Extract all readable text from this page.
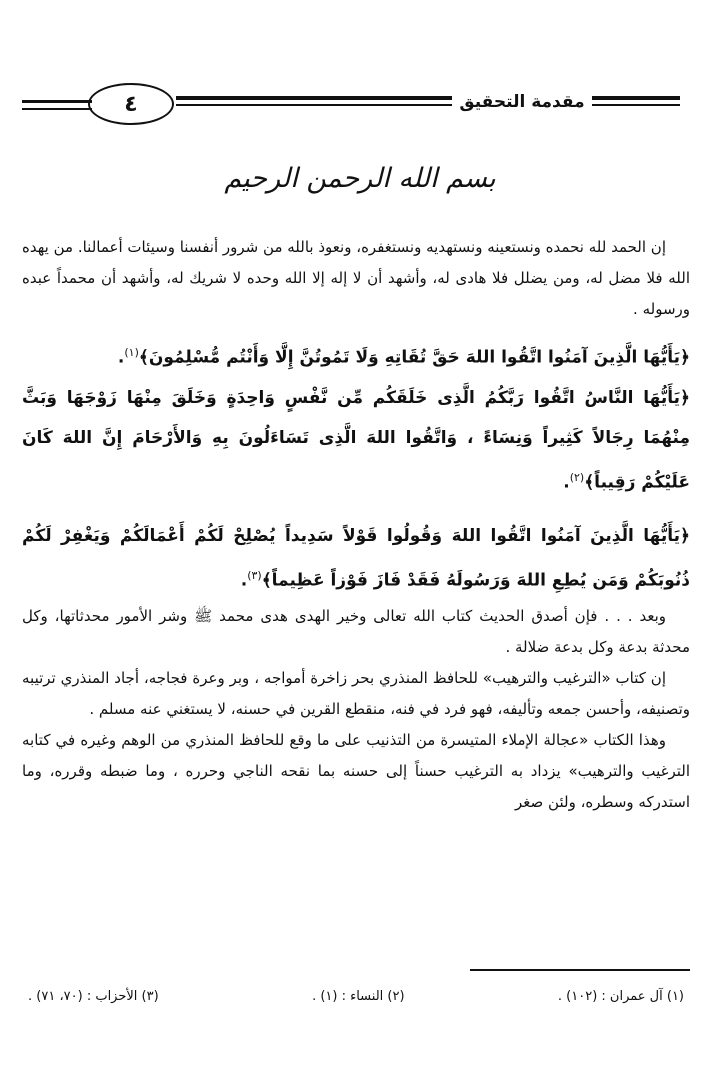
٤	مقدمة التحقيق
بسم الله الرحمن الرحيم

إن الحمد لله نحمده ونستعينه ونستهديه ونستغفره، ونعوذ بالله من شرور أنفسنا وسيئات أعمالنا. من يهده الله فلا مضل له، ومن يضلل فلا هادى له، وأشهد أن لا إله إلا الله وحده لا شريك له، وأشهد أن محمداً عبده ورسوله .

﴿يَأَيُّهَا الَّذِينَ آمَنُوا اتَّقُوا اللهَ حَقَّ تُقَاتِهِ وَلَا تَمُوتُنَّ إِلَّا وَأَنْتُم مُّسْلِمُونَ﴾$^{(١)}$.

﴿يَأَيُّهَا النَّاسُ اتَّقُوا رَبَّكُمُ الَّذِى خَلَقَكُم مِّن نَّفْسٍ وَاحِدَةٍ وَخَلَقَ مِنْهَا زَوْجَهَا وَبَثَّ مِنْهُمَا رِجَالاً كَثِيراً وَنِسَاءً ، وَاتَّقُوا اللهَ الَّذِى تَسَاءَلُونَ بِهِ وَالأَرْحَامَ إِنَّ اللهَ كَانَ عَلَيْكُمْ رَقِيباً﴾$^{(٢)}$.

﴿يَأَيُّهَا الَّذِينَ آمَنُوا اتَّقُوا اللهَ وَقُولُوا قَوْلاً سَدِيداً يُصْلِحْ لَكُمْ أَعْمَالَكُمْ وَيَغْفِرْ لَكُمْ ذُنُوبَكُمْ وَمَن يُطِعِ اللهَ وَرَسُولَهُ فَقَدْ فَازَ فَوْزاً عَظِيماً﴾$^{(٣)}$.

وبعد . . . فإن أصدق الحديث كتاب الله تعالى وخير الهدى هدى محمد ﷺ وشر الأمور محدثاتها، وكل محدثة بدعة وكل بدعة ضلالة .

إن كتاب «الترغيب والترهيب» للحافظ المنذري بحر زاخرة أمواجه ، وبر وعرة فجاجه، أجاد المنذري ترتيبه وتصنيفه، وأحسن جمعه وتأليفه، فهو فرد في فنه، منقطع القرين في حسنه، لا يستغني عنه مسلم .

وهذا الكتاب «عجالة الإملاء المتيسرة من التذنيب على ما وقع للحافظ المنذري من الوهم وغيره في كتابه الترغيب والترهيب» يزداد به الترغيب حسناً إلى حسنه بما نقحه الناجي وحرره ، وما ضبطه وقرره، وما استدركه وسطره، ولئن صغر

(١) آل عمران : (١٠٢) .
(٢) النساء : (١) .
(٣) الأحزاب : (٧٠، ٧١) .
